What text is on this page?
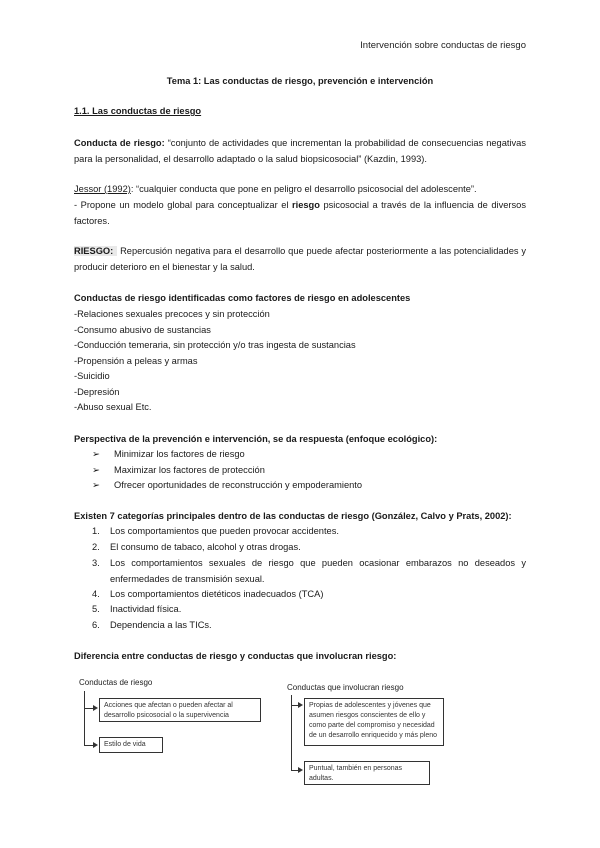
Intervención sobre conductas de riesgo
Tema 1: Las conductas de riesgo, prevención e intervención
1.1. Las conductas de riesgo
Conducta de riesgo: “conjunto de actividades que incrementan la probabilidad de consecuencias negativas para la personalidad, el desarrollo adaptado o la salud biopsicosocial” (Kazdin, 1993).
Jessor (1992): “cualquier conducta que pone en peligro el desarrollo psicosocial del adolescente”.
- Propone un modelo global para conceptualizar el riesgo psicosocial a través de la influencia de diversos factores.
RIESGO: Repercusión negativa para el desarrollo que puede afectar posteriormente a las potencialidades y producir deterioro en el bienestar y la salud.
Conductas de riesgo identificadas como factores de riesgo en adolescentes
-Relaciones sexuales precoces y sin protección
-Consumo abusivo de sustancias
-Conducción temeraria, sin protección y/o tras ingesta de sustancias
-Propensión a peleas y armas
-Suicidio
-Depresión
-Abuso sexual Etc.
Perspectiva de la prevención e intervención, se da respuesta (enfoque ecológico):
➢ Minimizar los factores de riesgo
➢ Maximizar los factores de protección
➢ Ofrecer oportunidades de reconstrucción y empoderamiento
Existen 7 categorías principales dentro de las conductas de riesgo (González, Calvo y Prats, 2002):
1. Los comportamientos que pueden provocar accidentes.
2. El consumo de tabaco, alcohol y otras drogas.
3. Los comportamientos sexuales de riesgo que pueden ocasionar embarazos no deseados y enfermedades de transmisión sexual.
4. Los comportamientos dietéticos inadecuados (TCA)
5. Inactividad física.
6. Dependencia a las TICs.
Diferencia entre conductas de riesgo y conductas que involucran riesgo:
Conductas de riesgo
Acciones que afectan o pueden afectar al desarrollo psicosocial o la supervivencia
Estilo de vida
Conductas que involucran riesgo
Propias de adolescentes y jóvenes que asumen riesgos conscientes de ello y como parte del compromiso y necesidad de un desarrollo enriquecido y más pleno
Puntual, también en personas adultas.
